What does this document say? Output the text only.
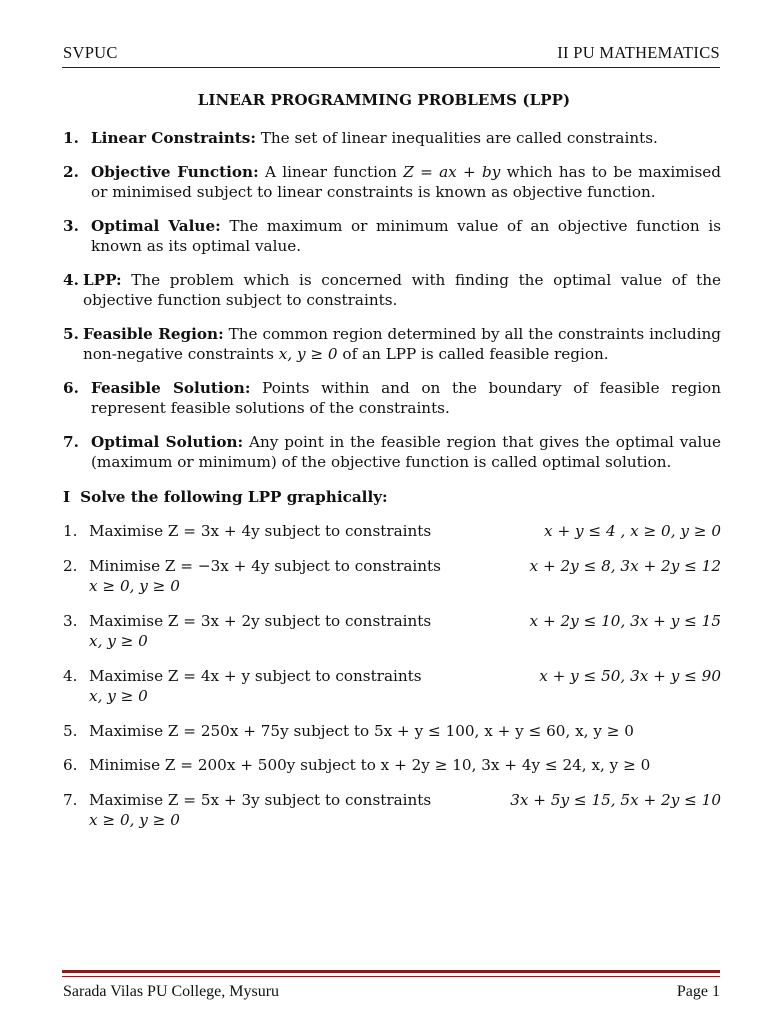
SVPUC	II PU MATHEMATICS
LINEAR PROGRAMMING PROBLEMS (LPP)
1. Linear Constraints: The set of linear inequalities are called constraints.
2. Objective Function: A linear function Z = ax + by which has to be maximised or minimised subject to linear constraints is known as objective function.
3. Optimal Value: The maximum or minimum value of an objective function is known as its optimal value.
4. LPP: The problem which is concerned with finding the optimal value of the objective function subject to constraints.
5. Feasible Region: The common region determined by all the constraints including non-negative constraints x, y ≥ 0 of an LPP is called feasible region.
6. Feasible Solution: Points within and on the boundary of feasible region represent feasible solutions of the constraints.
7. Optimal Solution: Any point in the feasible region that gives the optimal value (maximum or minimum) of the objective function is called optimal solution.
I Solve the following LPP graphically:
1. Maximise Z = 3x + 4y subject to constraints	x + y ≤ 4 , x ≥ 0, y ≥ 0
2. Minimise Z = −3x + 4y subject to constraints	x + 2y ≤ 8, 3x + 2y ≤ 12
x ≥ 0, y ≥ 0
3. Maximise Z = 3x + 2y subject to constraints	x + 2y ≤ 10, 3x + y ≤ 15
x, y ≥ 0
4. Maximise Z = 4x + y subject to constraints	x + y ≤ 50, 3x + y ≤ 90
x, y ≥ 0
5. Maximise Z = 250x + 75y subject to 5x + y ≤ 100, x + y ≤ 60, x, y ≥ 0
6. Minimise Z = 200x + 500y subject to x + 2y ≥ 10, 3x + 4y ≤ 24, x, y ≥ 0
7. Maximise Z = 5x + 3y subject to constraints	3x + 5y ≤ 15, 5x + 2y ≤ 10
x ≥ 0, y ≥ 0
Sarada Vilas PU College, Mysuru	Page 1
